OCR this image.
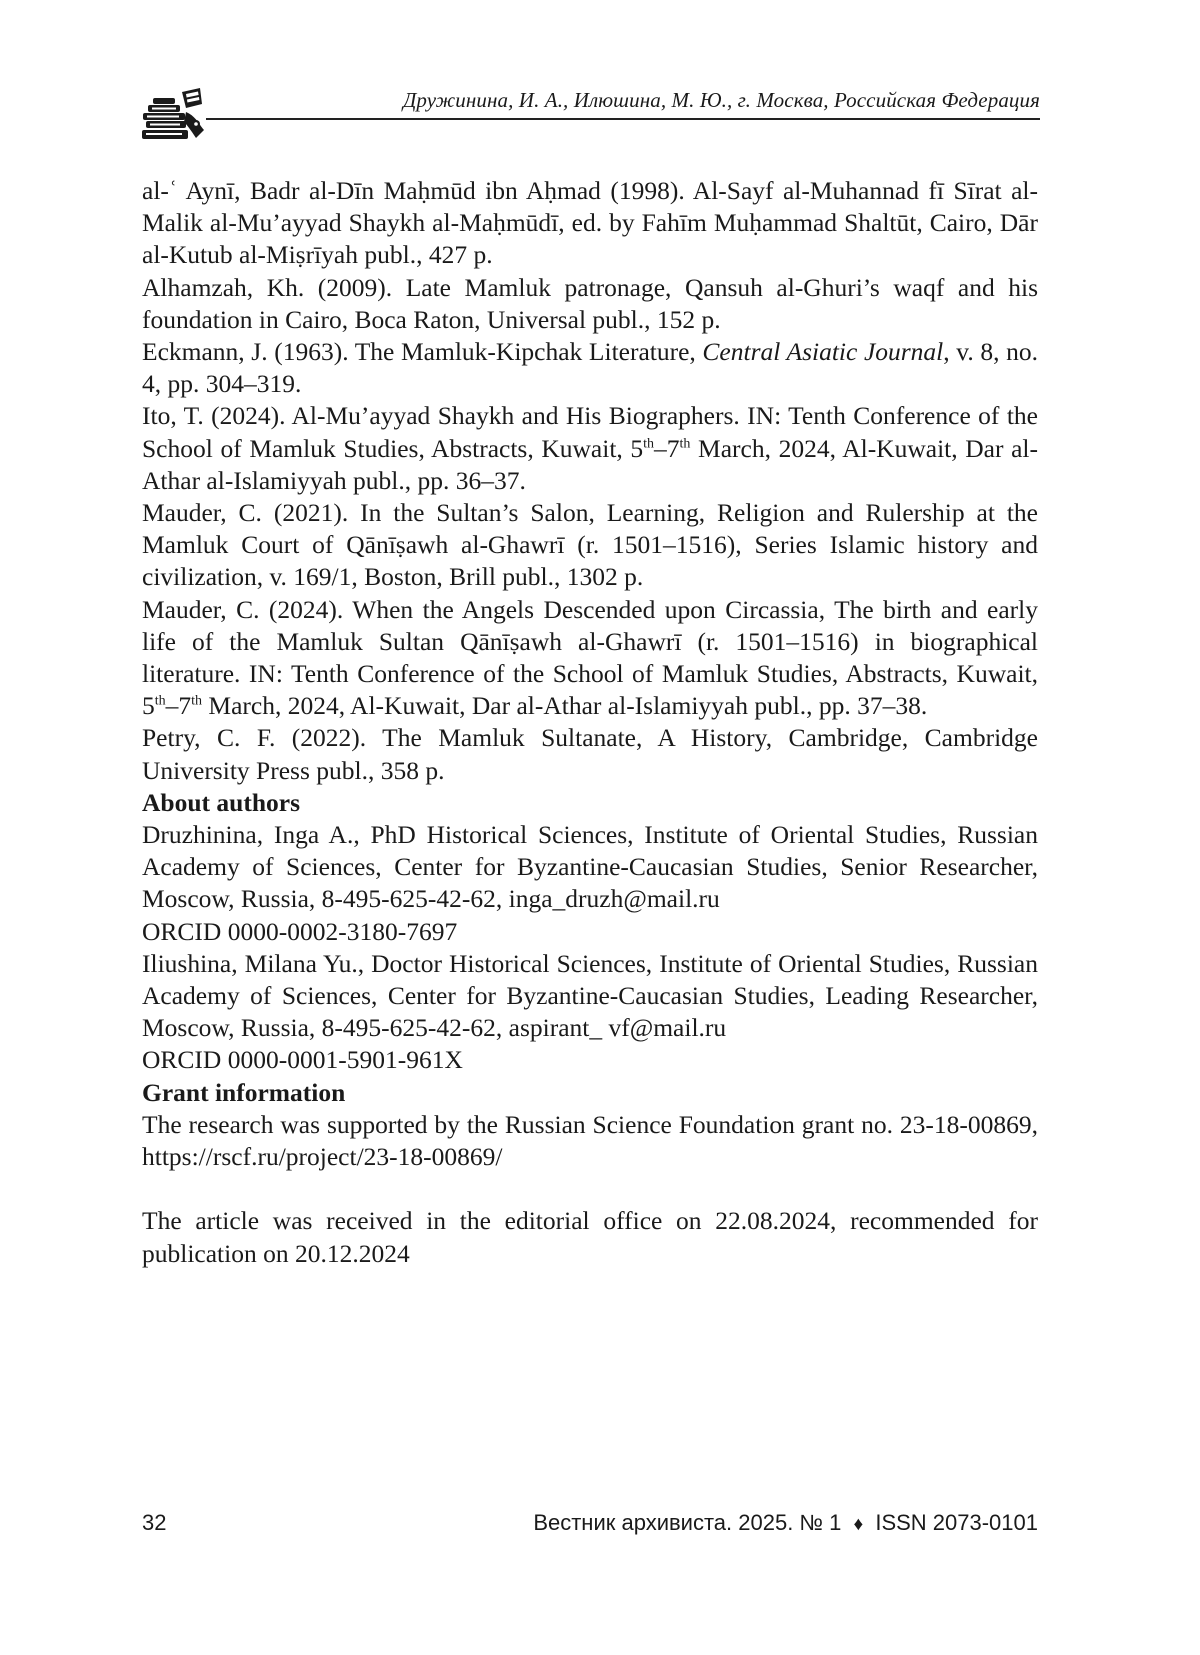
Дружинина, И. А., Илюшина, М. Ю., г. Москва, Российская Федерация

al-ʿ Aynī, Badr al-Dīn Maḥmūd ibn Aḥmad (1998). Al-Sayf al-Muhannad fī Sīrat al-Malik al-Mu’ayyad Shaykh al-Maḥmūdī, ed. by Fahīm Muḥammad Shaltūt, Cairo, Dār al-Kutub al-Miṣrīyah publ., 427 p.

Alhamzah, Kh. (2009). Late Mamluk patronage, Qansuh al-Ghuri’s waqf and his foundation in Cairo, Boca Raton, Universal publ., 152 p.

Eckmann, J. (1963). The Mamluk-Kipchak Literature, Central Asiatic Journal, v. 8, no. 4, pp. 304–319.

Ito, T. (2024). Al-Mu’ayyad Shaykh and His Biographers. IN: Tenth Conference of the School of Mamluk Studies, Abstracts, Kuwait, 5th–7th March, 2024, Al-Kuwait, Dar al-Athar al-Islamiyyah publ., pp. 36–37.

Mauder, C. (2021). In the Sultan’s Salon, Learning, Religion and Rulership at the Mamluk Court of Qānīṣawh al-Ghawrī (r. 1501–1516), Series Islamic history and civilization, v. 169/1, Boston, Brill publ., 1302 p.

Mauder, C. (2024). When the Angels Descended upon Circassia, The birth and early life of the Mamluk Sultan Qānīṣawh al-Ghawrī (r. 1501–1516) in biographical literature. IN: Tenth Conference of the School of Mamluk Studies, Abstracts, Kuwait, 5th–7th March, 2024, Al-Kuwait, Dar al-Athar al-Islamiyyah publ., pp. 37–38.

Petry, C. F. (2022). The Mamluk Sultanate, A History, Cambridge, Cambridge University Press publ., 358 p.

About authors

Druzhinina, Inga A., PhD Historical Sciences, Institute of Oriental Studies, Russian Academy of Sciences, Center for Byzantine-Caucasian Studies, Senior Researcher, Moscow, Russia, 8-495-625-42-62, inga_druzh@mail.ru

ORCID 0000-0002-3180-7697

Iliushina, Milana Yu., Doctor Historical Sciences, Institute of Oriental Studies, Russian Academy of Sciences, Center for Byzantine-Caucasian Studies, Leading Researcher, Moscow, Russia, 8-495-625-42-62, aspirant_ vf@mail.ru

ORCID 0000-0001-5901-961X

Grant information

The research was supported by the Russian Science Foundation grant no. 23-18-00869, https://rscf.ru/project/23-18-00869/

The article was received in the editorial office on 22.08.2024, recommended for publication on 20.12.2024

32	Вестник архивиста. 2025. № 1 ♦ ISSN 2073-0101
